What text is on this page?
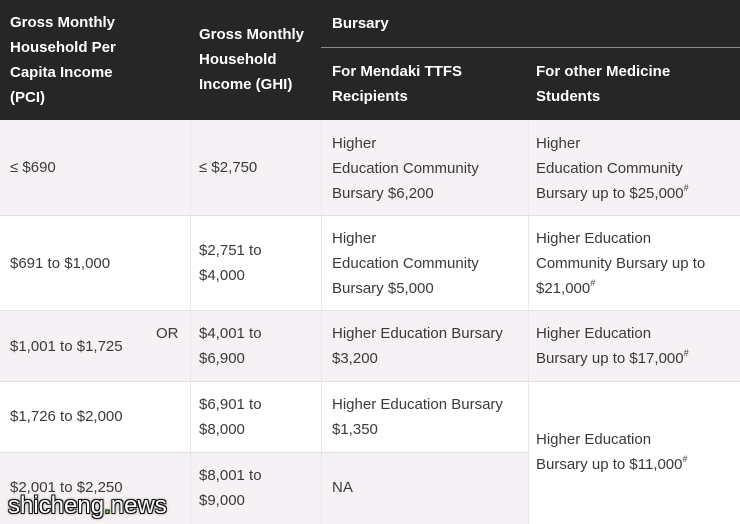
Gross Monthly Household Per Capita Income (PCI)
Gross Monthly Household Income (GHI)
Bursary
For Mendaki TTFS Recipients
For other Medicine Students
≤ $690	≤ $2,750
Higher
Education Community
Bursary $6,200
Higher
Education Community
Bursary up to $25,000#
$691 to $1,000
$2,751 to
$4,000
Higher
Education Community
Bursary $5,000
Higher Education
Community Bursary up to
$21,000#
$1,001 to $1,725
OR $4,001 to
$6,900
Higher Education Bursary $3,200
Higher Education
Bursary up to $17,000#
$1,726 to $2,000
$6,901 to
$8,000
Higher Education Bursary
$1,350
$2,001 to $2,250
$8,001 to
$9,000
NA
Higher Education
Bursary up to $11,000#
shicheng.news
